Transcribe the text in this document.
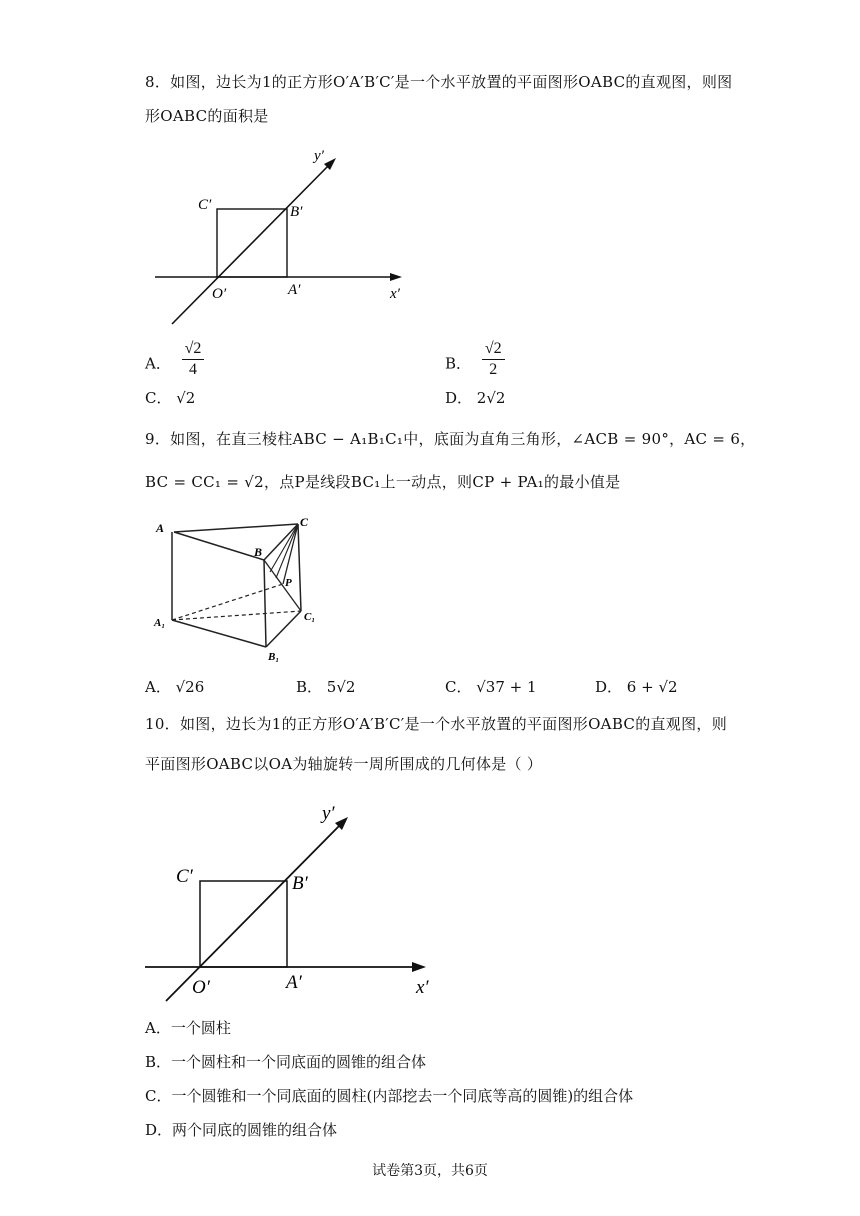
8．如图，边长为1的正方形O′A′B′C′是一个水平放置的平面图形OABC的直观图，则图
形OABC的面积是
y′
C′	B′
O′	A′	x′
A． $\frac{√2}{4}$	B． $\frac{√2}{2}$
C． √2	D． 2√2
9．如图，在直三棱柱ABC − A₁B₁C₁中，底面为直角三角形，∠ACB = 90°，AC = 6，
BC = CC₁ = √2，点P是线段BC₁上一动点，则CP + PA₁的最小值是
A
B
C
P
A₁	C₁
B₁
A． √26	B． 5√2	C． √37 + 1	D． 6 + √2
10．如图，边长为1的正方形O′A′B′C′是一个水平放置的平面图形OABC的直观图，则
平面图形OABC以OA为轴旋转一周所围成的几何体是（ ）
y′
C′	B′
O′	A′	x′
A．一个圆柱
B．一个圆柱和一个同底面的圆锥的组合体
C．一个圆锥和一个同底面的圆柱(内部挖去一个同底等高的圆锥)的组合体
D．两个同底的圆锥的组合体
试卷第3页，共6页
